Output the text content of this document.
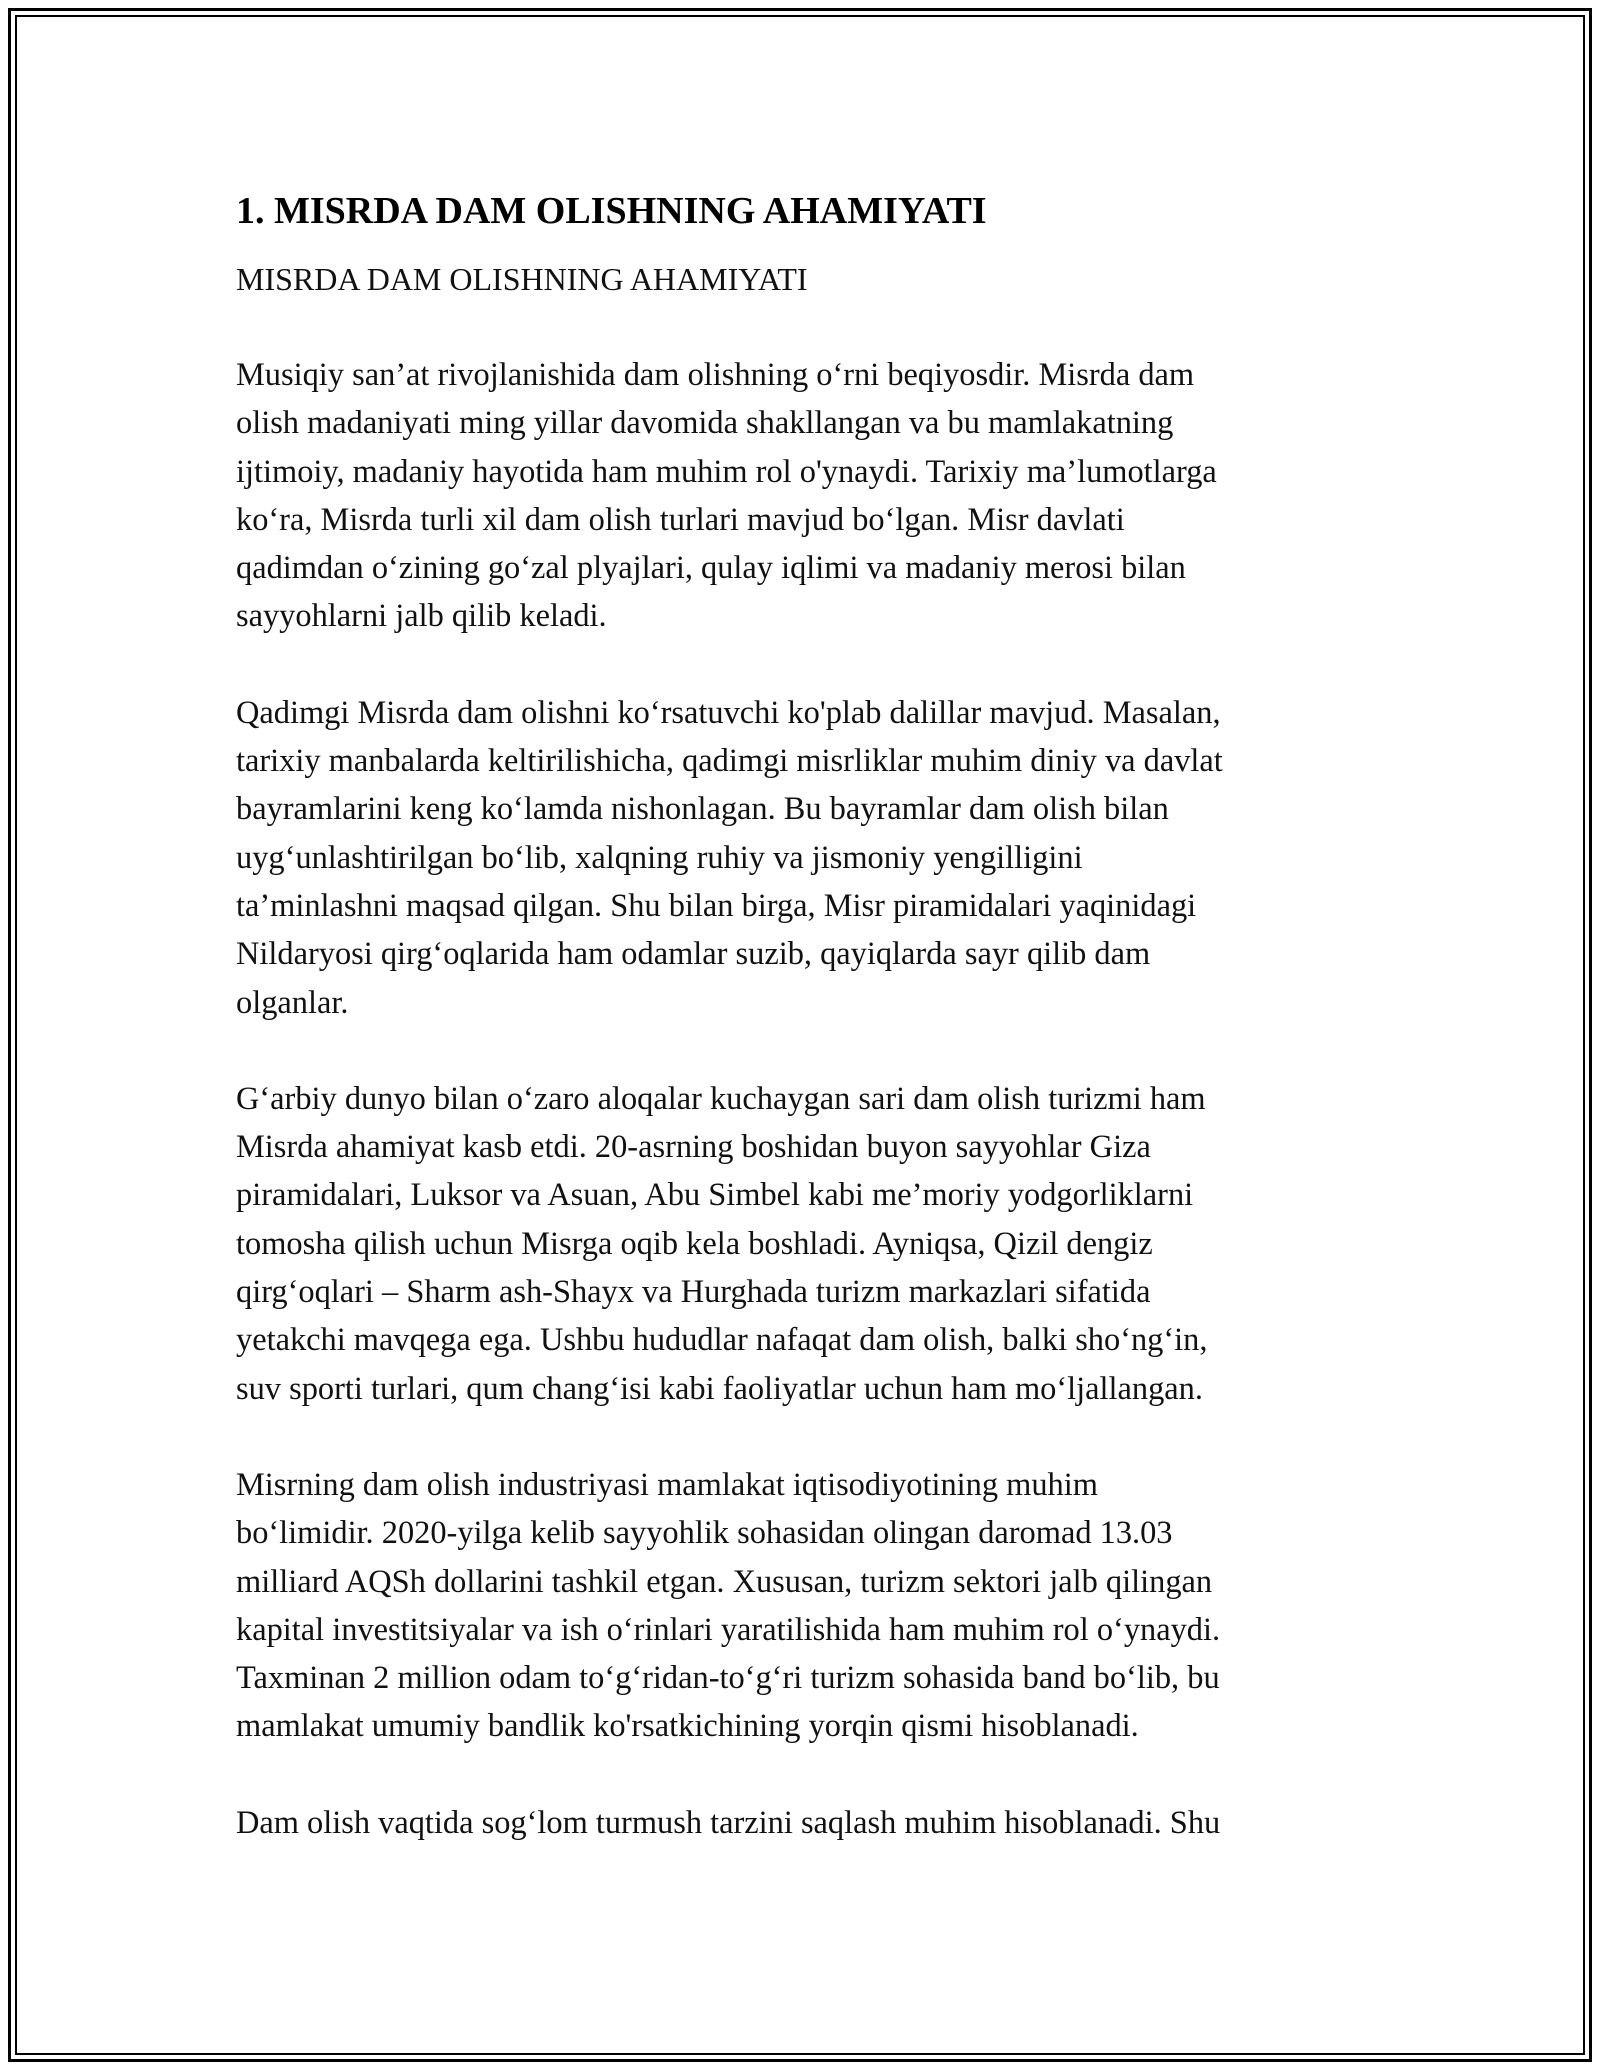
1. MISRDA DAM OLISHNING AHAMIYATI
MISRDA DAM OLISHNING AHAMIYATI
Musiqiy san’at rivojlanishida dam olishning o‘rni beqiyosdir. Misrda dam
olish madaniyati ming yillar davomida shakllangan va bu mamlakatning
ijtimoiy, madaniy hayotida ham muhim rol o'ynaydi. Tarixiy ma’lumotlarga
ko‘ra, Misrda turli xil dam olish turlari mavjud bo‘lgan. Misr davlati
qadimdan o‘zining go‘zal plyajlari, qulay iqlimi va madaniy merosi bilan
sayyohlarni jalb qilib keladi.
Qadimgi Misrda dam olishni ko‘rsatuvchi ko'plab dalillar mavjud. Masalan,
tarixiy manbalarda keltirilishicha, qadimgi misrliklar muhim diniy va davlat
bayramlarini keng ko‘lamda nishonlagan. Bu bayramlar dam olish bilan
uyg‘unlashtirilgan bo‘lib, xalqning ruhiy va jismoniy yengilligini
ta’minlashni maqsad qilgan. Shu bilan birga, Misr piramidalari yaqinidagi
Nildaryosi qirg‘oqlarida ham odamlar suzib, qayiqlarda sayr qilib dam
olganlar.
G‘arbiy dunyo bilan o‘zaro aloqalar kuchaygan sari dam olish turizmi ham
Misrda ahamiyat kasb etdi. 20-asrning boshidan buyon sayyohlar Giza
piramidalari, Luksor va Asuan, Abu Simbel kabi me’moriy yodgorliklarni
tomosha qilish uchun Misrga oqib kela boshladi. Ayniqsa, Qizil dengiz
qirg‘oqlari – Sharm ash-Shayx va Hurghada turizm markazlari sifatida
yetakchi mavqega ega. Ushbu hududlar nafaqat dam olish, balki sho‘ng‘in,
suv sporti turlari, qum chang‘isi kabi faoliyatlar uchun ham mo‘ljallangan.
Misrning dam olish industriyasi mamlakat iqtisodiyotining muhim
bo‘limidir. 2020-yilga kelib sayyohlik sohasidan olingan daromad 13.03
milliard AQSh dollarini tashkil etgan. Xususan, turizm sektori jalb qilingan
kapital investitsiyalar va ish o‘rinlari yaratilishida ham muhim rol o‘ynaydi.
Taxminan 2 million odam to‘g‘ridan-to‘g‘ri turizm sohasida band bo‘lib, bu
mamlakat umumiy bandlik ko'rsatkichining yorqin qismi hisoblanadi.
Dam olish vaqtida sog‘lom turmush tarzini saqlash muhim hisoblanadi. Shu
